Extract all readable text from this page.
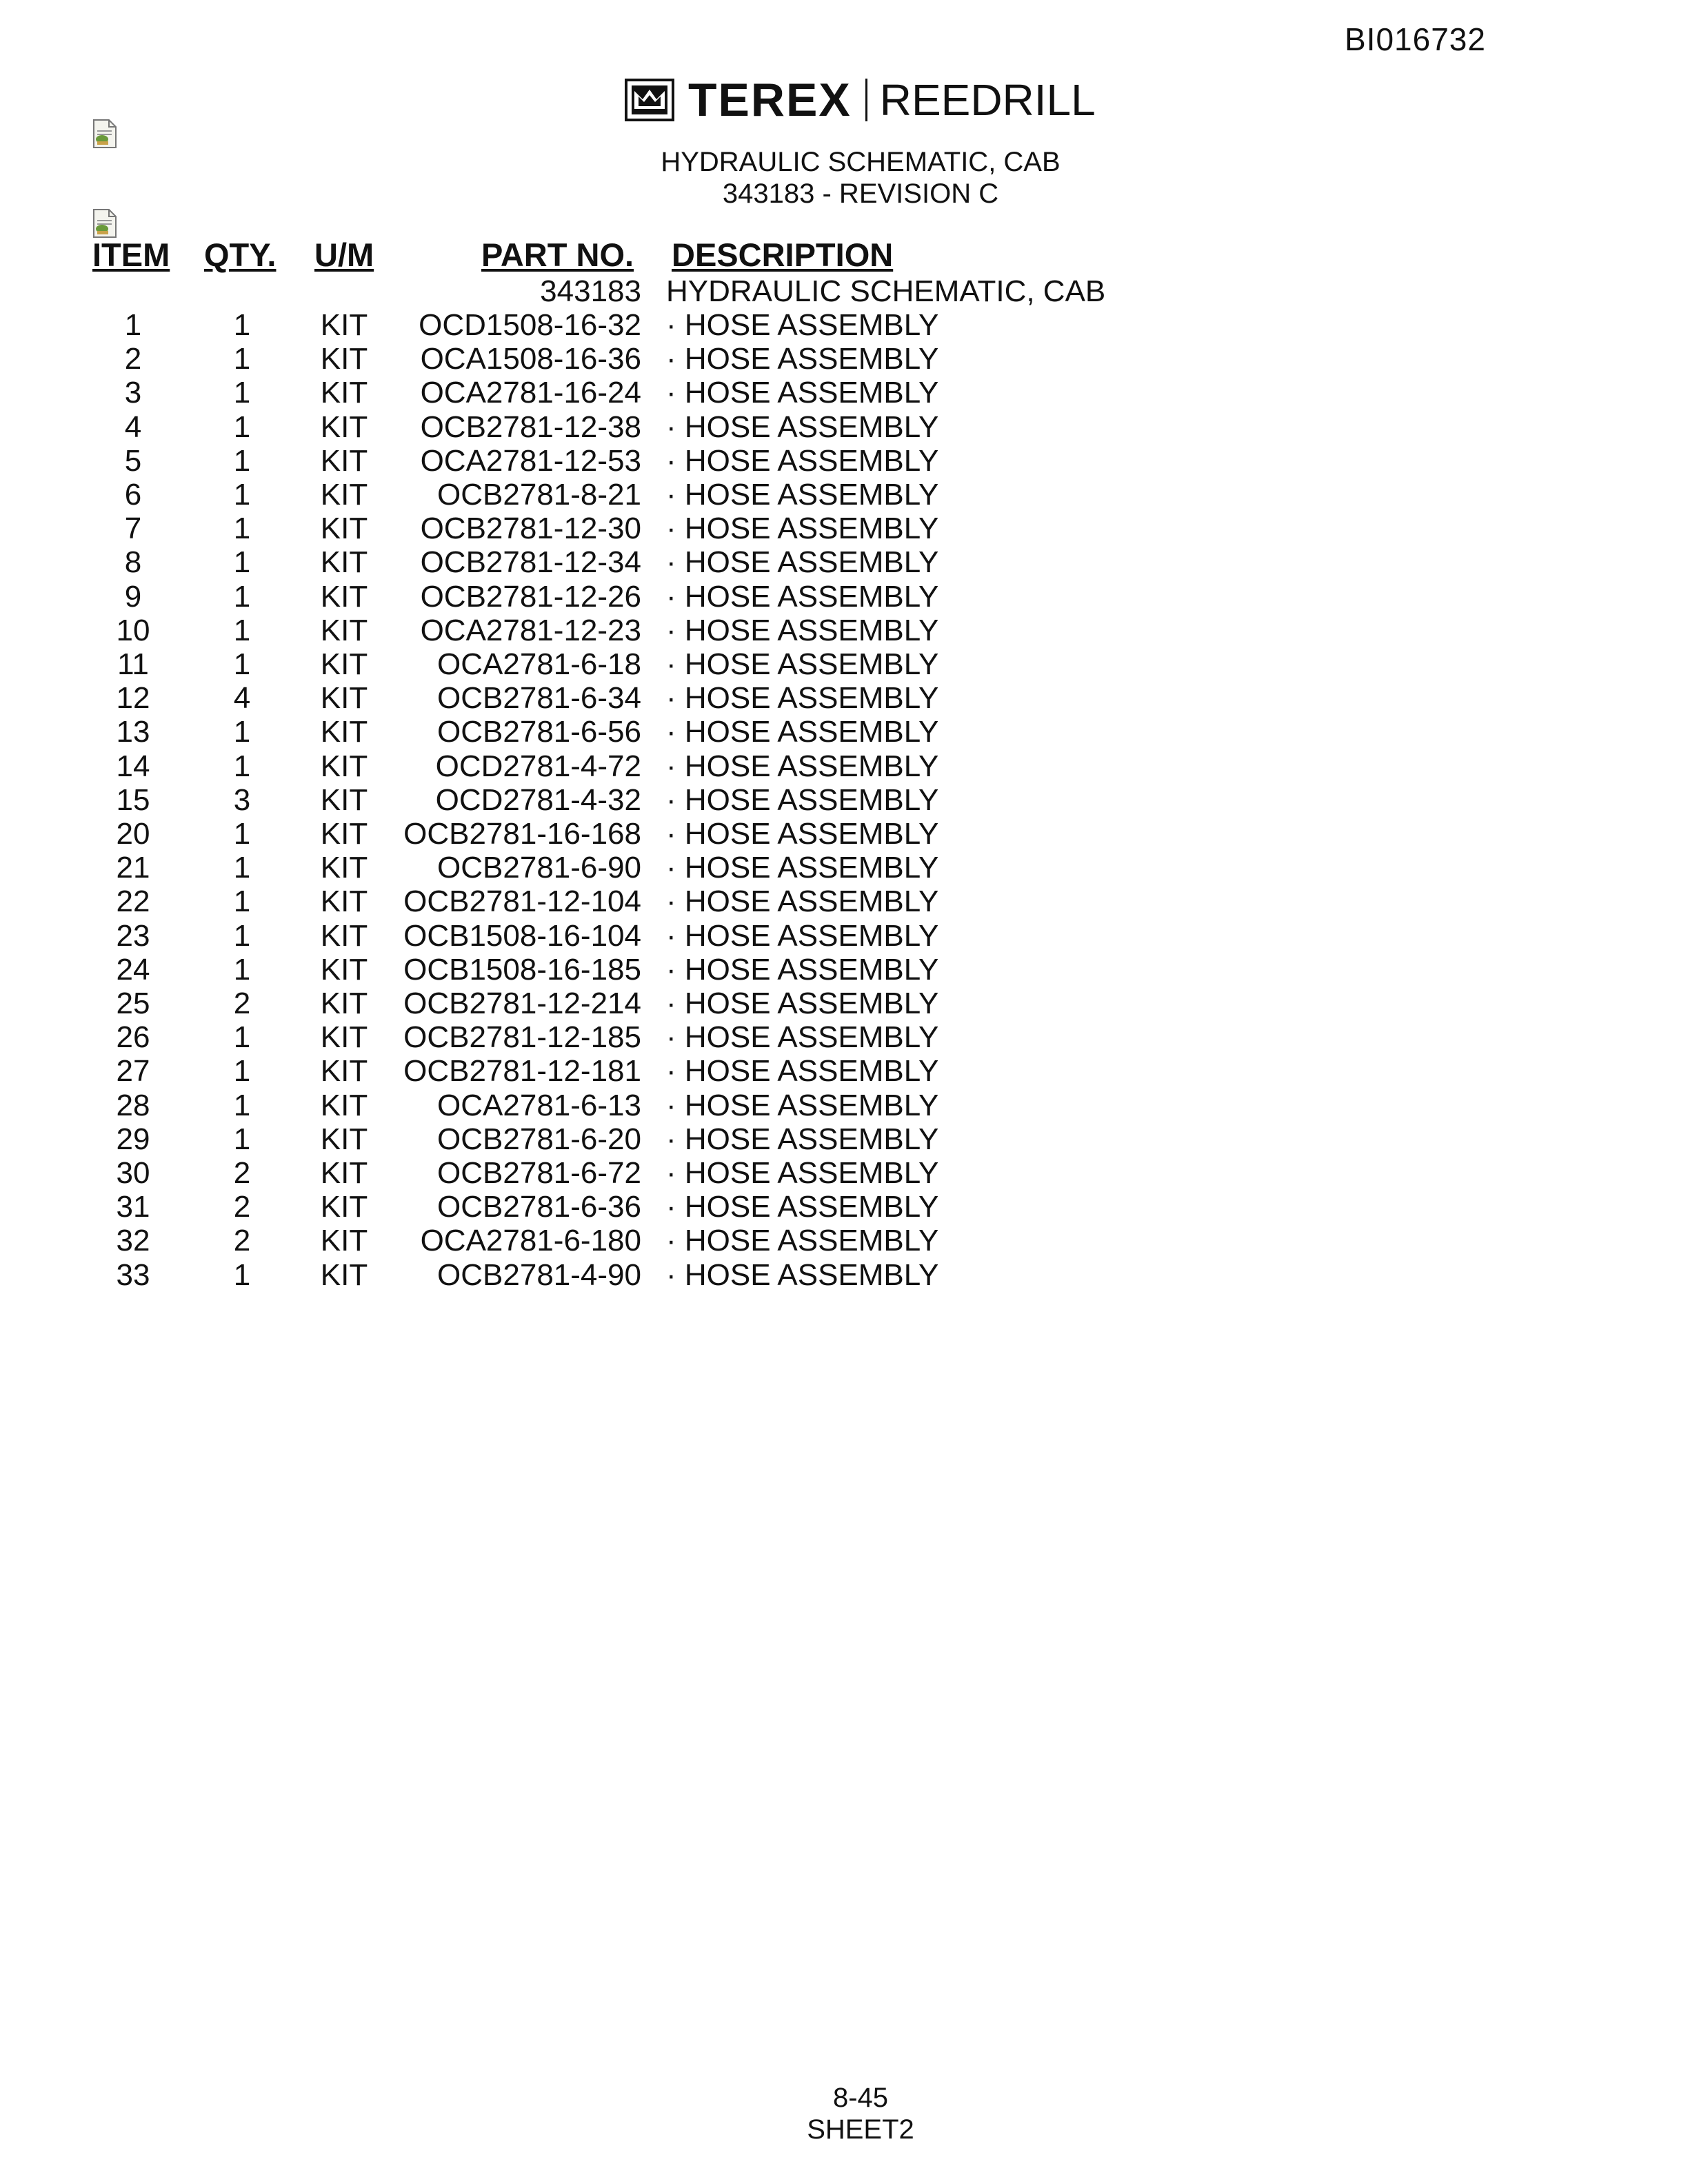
BI016732
TEREX REEDRILL
HYDRAULIC SCHEMATIC, CAB
343183 - REVISION C
ITEM QTY. U/M	PART NO. DESCRIPTION
343183 HYDRAULIC SCHEMATIC, CAB
1	1	KIT	OCD1508-16-32 · HOSE ASSEMBLY
2	1	KIT	OCA1508-16-36 · HOSE ASSEMBLY
3	1	KIT	OCA2781-16-24 · HOSE ASSEMBLY
4	1	KIT	OCB2781-12-38 · HOSE ASSEMBLY
5	1	KIT	OCA2781-12-53 · HOSE ASSEMBLY
6	1	KIT	OCB2781-8-21 · HOSE ASSEMBLY
7	1	KIT	OCB2781-12-30 · HOSE ASSEMBLY
8	1	KIT	OCB2781-12-34 · HOSE ASSEMBLY
9	1	KIT	OCB2781-12-26 · HOSE ASSEMBLY
10	1	KIT	OCA2781-12-23 · HOSE ASSEMBLY
11	1	KIT	OCA2781-6-18 · HOSE ASSEMBLY
12	4	KIT	OCB2781-6-34 · HOSE ASSEMBLY
13	1	KIT	OCB2781-6-56 · HOSE ASSEMBLY
14	1	KIT	OCD2781-4-72 · HOSE ASSEMBLY
15	3	KIT	OCD2781-4-32 · HOSE ASSEMBLY
20	1	KIT	OCB2781-16-168 · HOSE ASSEMBLY
21	1	KIT	OCB2781-6-90 · HOSE ASSEMBLY
22	1	KIT	OCB2781-12-104 · HOSE ASSEMBLY
23	1	KIT	OCB1508-16-104 · HOSE ASSEMBLY
24	1	KIT	OCB1508-16-185 · HOSE ASSEMBLY
25	2	KIT	OCB2781-12-214 · HOSE ASSEMBLY
26	1	KIT	OCB2781-12-185 · HOSE ASSEMBLY
27	1	KIT	OCB2781-12-181 · HOSE ASSEMBLY
28	1	KIT	OCA2781-6-13 · HOSE ASSEMBLY
29	1	KIT	OCB2781-6-20 · HOSE ASSEMBLY
30	2	KIT	OCB2781-6-72 · HOSE ASSEMBLY
31	2	KIT	OCB2781-6-36 · HOSE ASSEMBLY
32	2	KIT	OCA2781-6-180 · HOSE ASSEMBLY
33	1	KIT	OCB2781-4-90 · HOSE ASSEMBLY
8-45
SHEET2
